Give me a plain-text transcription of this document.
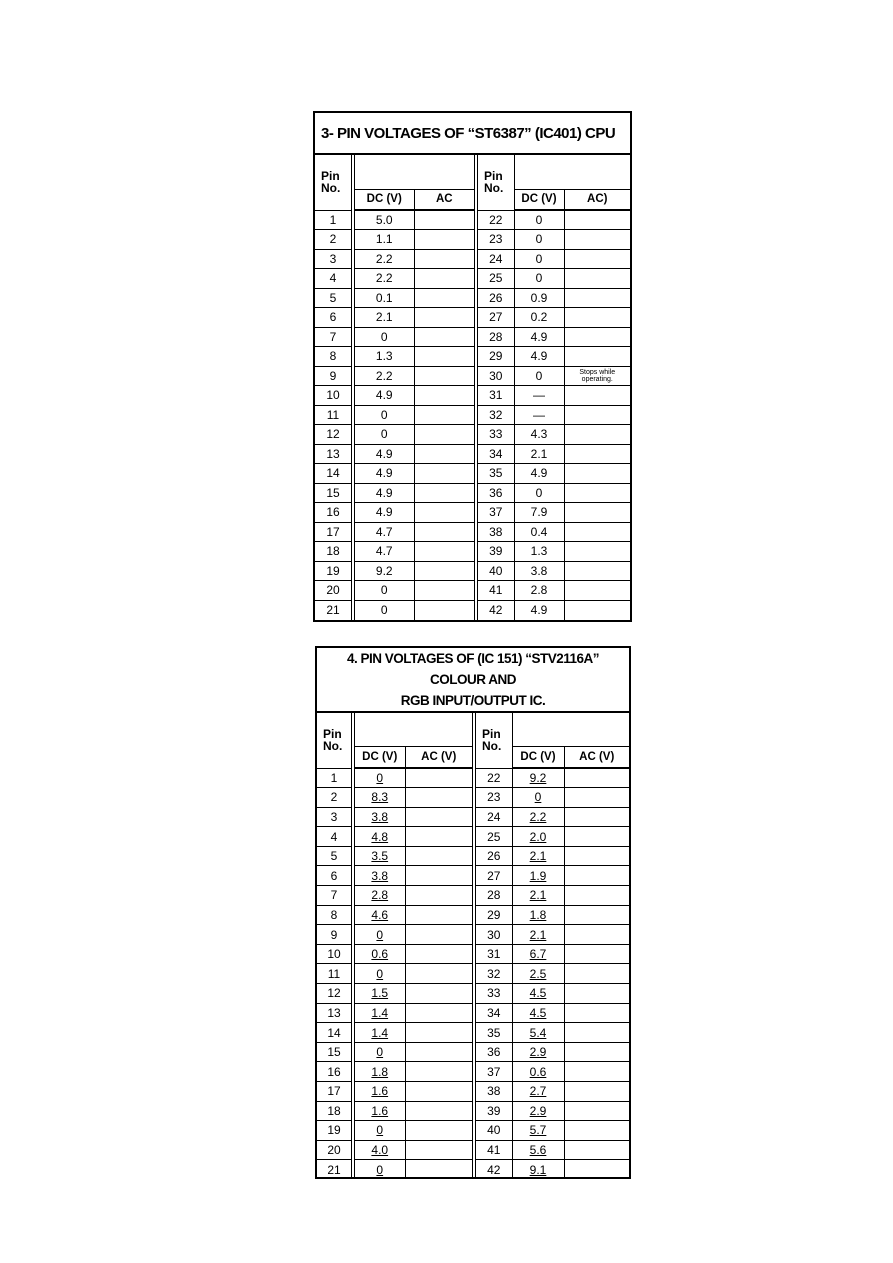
3- PIN VOLTAGES OF “ST6387” (IC401) CPU
Pin No.			Pin No.		
	DC (V)	AC		DC (V)	AC)
1	5.0		22	0	
2	1.1		23	0	
3	2.2		24	0	
4	2.2		25	0	
5	0.1		26	0.9	
6	2.1		27	0.2	
7	0		28	4.9	
8	1.3		29	4.9	
9	2.2		30	0	Stops while operating.
10	4.9		31	—	
11	0		32	—	
12	0		33	4.3	
13	4.9		34	2.1	
14	4.9		35	4.9	
15	4.9		36	0	
16	4.9		37	7.9	
17	4.7		38	0.4	
18	4.7		39	1.3	
19	9.2		40	3.8	
20	0		41	2.8	
21	0		42	4.9	
4. PIN VOLTAGES OF (IC 151) “STV2116A” COLOUR AND
RGB INPUT/OUTPUT IC.
Pin No.			Pin No.		
	DC (V)	AC (V)		DC (V)	AC (V)
1	0		22	9.2	
2	8.3		23	0	
3	3.8		24	2.2	
4	4.8		25	2.0	
5	3.5		26	2.1	
6	3.8		27	1.9	
7	2.8		28	2.1	
8	4.6		29	1.8	
9	0		30	2.1	
10	0.6		31	6.7	
11	0		32	2.5	
12	1.5		33	4.5	
13	1.4		34	4.5	
14	1.4		35	5.4	
15	0		36	2.9	
16	1.8		37	0.6	
17	1.6		38	2.7	
18	1.6		39	2.9	
19	0		40	5.7	
20	4.0		41	5.6	
21	0		42	9.1	
